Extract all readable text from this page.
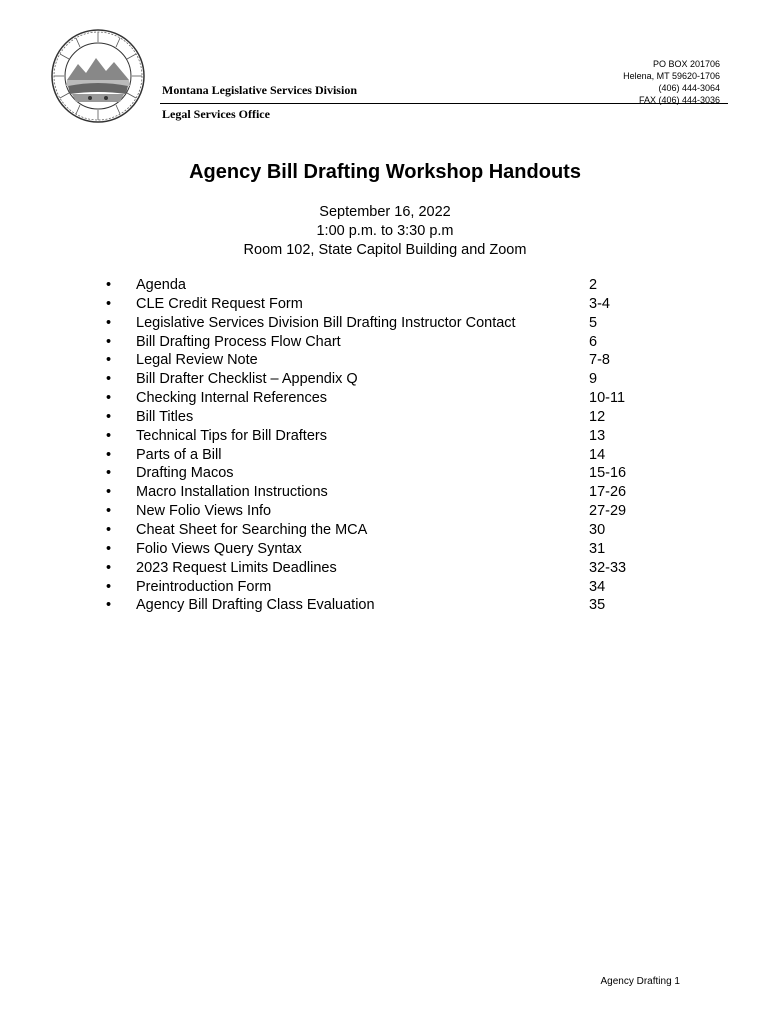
Montana Legislative Services Division
Legal Services Office
PO BOX 201706
Helena, MT 59620-1706
(406) 444-3064
FAX (406) 444-3036
Agency Bill Drafting Workshop Handouts
September 16, 2022
1:00 p.m. to 3:30 p.m
Room 102, State Capitol Building and Zoom
• Agenda	2
• CLE Credit Request Form	3-4
• Legislative Services Division Bill Drafting Instructor Contact	5
• Bill Drafting Process Flow Chart	6
• Legal Review Note	7-8
• Bill Drafter Checklist – Appendix Q	9
• Checking Internal References	10-11
• Bill Titles	12
• Technical Tips for Bill Drafters	13
• Parts of a Bill	14
• Drafting Macos	15-16
• Macro Installation Instructions	17-26
• New Folio Views Info	27-29
• Cheat Sheet for Searching the MCA	30
• Folio Views Query Syntax	31
• 2023 Request Limits Deadlines	32-33
• Preintroduction Form	34
• Agency Bill Drafting Class Evaluation	35
Agency Drafting 1
